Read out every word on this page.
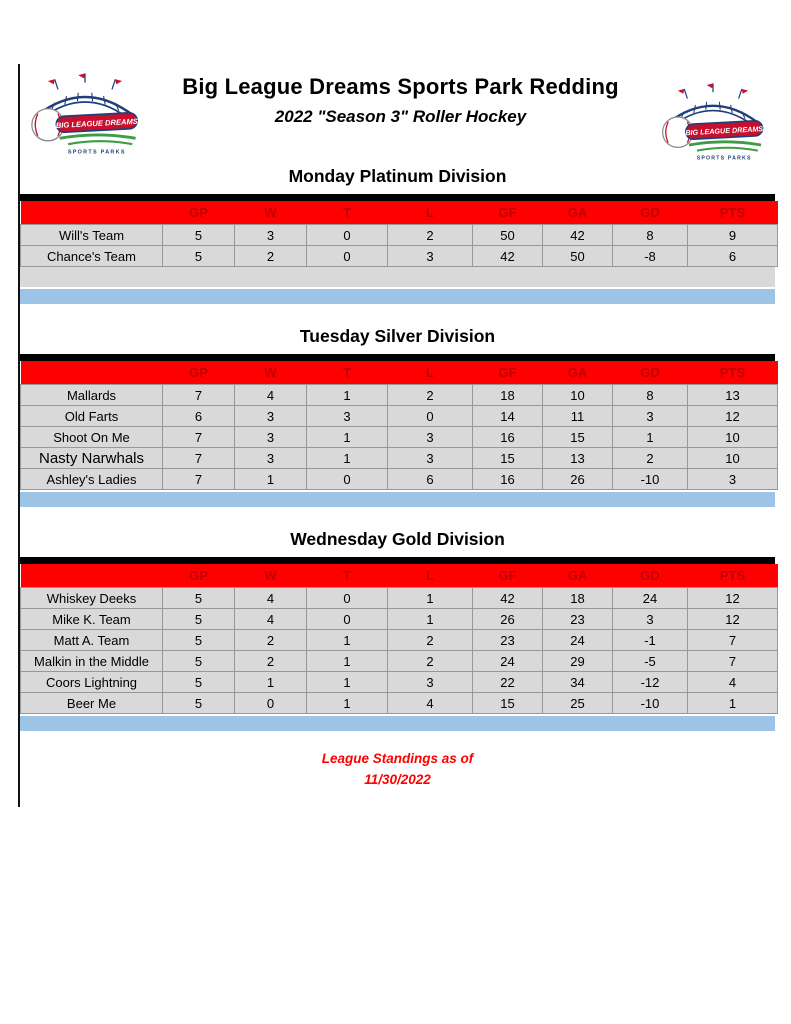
BIG LEAGUE DREAMS
SPORTS PARKS
Big League Dreams Sports Park Redding
2022 "Season 3" Roller Hockey
BIG LEAGUE DREAMS
SPORTS PARKS
Monday Platinum Division
	GP	W	T	L	GF	GA	GD	PTS
Will's Team	5	3	0	2	50	42	8	9
Chance's Team	5	2	0	3	42	50	-8	6
Tuesday Silver Division
	GP	W	T	L	GF	GA	GD	PTS
Mallards	7	4	1	2	18	10	8	13
Old Farts	6	3	3	0	14	11	3	12
Shoot On Me	7	3	1	3	16	15	1	10
Nasty Narwhals	7	3	1	3	15	13	2	10
Ashley's Ladies	7	1	0	6	16	26	-10	3
Wednesday Gold Division
	GP	W	T	L	GF	GA	GD	PTS
Whiskey Deeks	5	4	0	1	42	18	24	12
Mike K. Team	5	4	0	1	26	23	3	12
Matt A. Team	5	2	1	2	23	24	-1	7
Malkin in the Middle	5	2	1	2	24	29	-5	7
Coors Lightning	5	1	1	3	22	34	-12	4
Beer Me	5	0	1	4	15	25	-10	1
League Standings as of
11/30/2022
